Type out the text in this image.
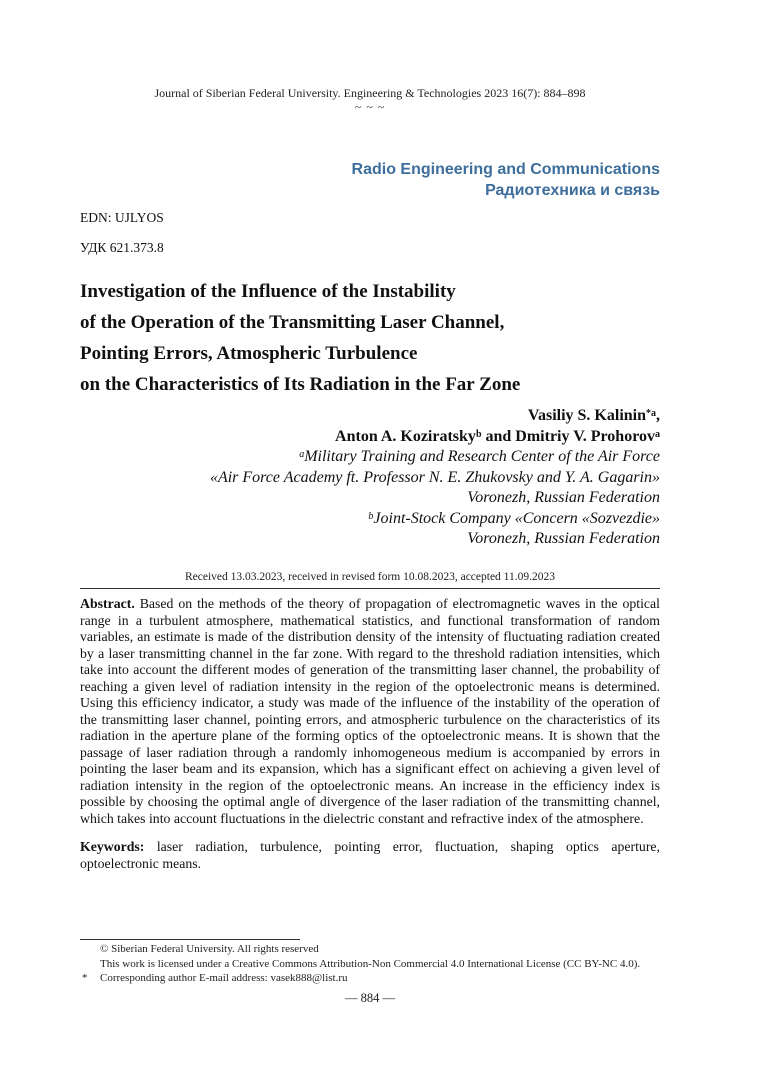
Journal of Siberian Federal University. Engineering & Technologies 2023 16(7): 884–898
~ ~ ~
Radio Engineering and Communications
Радиотехника и связь
EDN: UJLYOS
УДК 621.373.8
Investigation of the Influence of the Instability
of the Operation of the Transmitting Laser Channel,
Pointing Errors, Atmospheric Turbulence
on the Characteristics of Its Radiation in the Far Zone
Vasiliy S. Kalinin$^{*a}$,
Anton A. Koziratsky$^b$ and Dmitriy V. Prohorov$^a$
$^a$Military Training and Research Center of the Air Force
«Air Force Academy ft. Professor N. E. Zhukovsky and Y. A. Gagarin»
Voronezh, Russian Federation
$^b$Joint-Stock Company «Concern «Sozvezdie»
Voronezh, Russian Federation
Received 13.03.2023, received in revised form 10.08.2023, accepted 11.09.2023
Abstract. Based on the methods of the theory of propagation of electromagnetic waves in the optical range in a turbulent atmosphere, mathematical statistics, and functional transformation of random variables, an estimate is made of the distribution density of the intensity of fluctuating radiation created by a laser transmitting channel in the far zone. With regard to the threshold radiation intensities, which take into account the different modes of generation of the transmitting laser channel, the probability of reaching a given level of radiation intensity in the region of the optoelectronic means is determined. Using this efficiency indicator, a study was made of the influence of the instability of the operation of the transmitting laser channel, pointing errors, and atmospheric turbulence on the characteristics of its radiation in the aperture plane of the forming optics of the optoelectronic means. It is shown that the passage of laser radiation through a randomly inhomogeneous medium is accompanied by errors in pointing the laser beam and its expansion, which has a significant effect on achieving a given level of radiation intensity in the region of the optoelectronic means. An increase in the efficiency index is possible by choosing the optimal angle of divergence of the laser radiation of the transmitting channel, which takes into account fluctuations in the dielectric constant and refractive index of the atmosphere.
Keywords: laser radiation, turbulence, pointing error, fluctuation, shaping optics aperture, optoelectronic means.
© Siberian Federal University. All rights reserved
This work is licensed under a Creative Commons Attribution-Non Commercial 4.0 International License (CC BY-NC 4.0).
* Corresponding author E-mail address: vasek888@list.ru
— 884 —
